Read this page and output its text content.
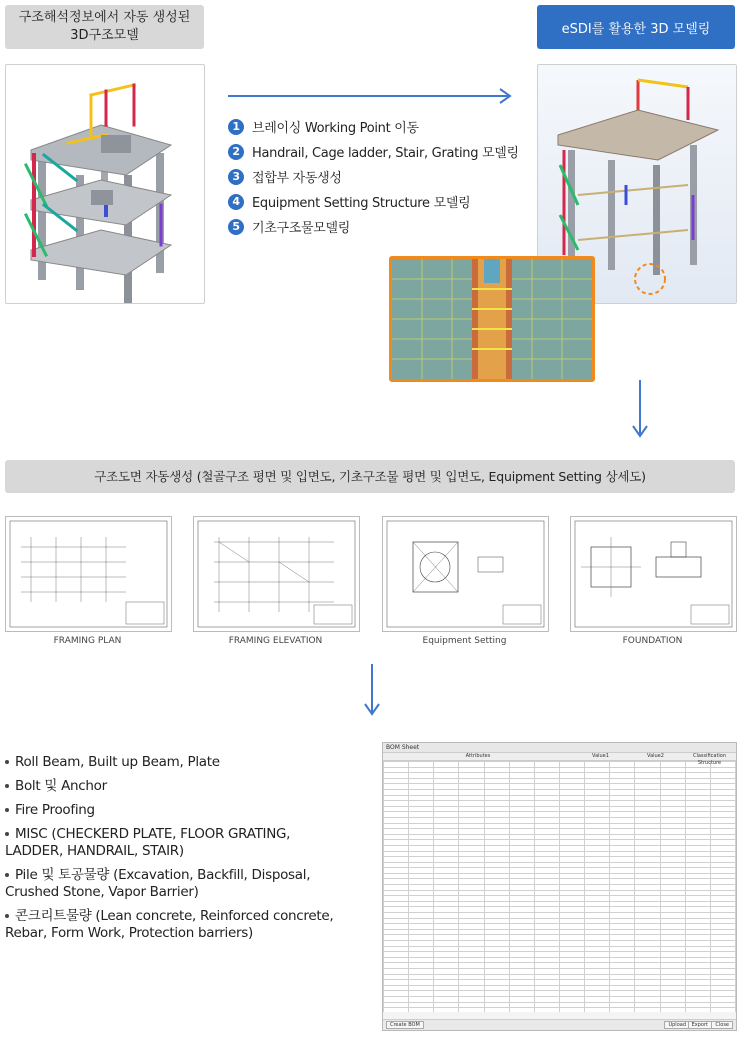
구조해석정보에서 자동 생성된
3D구조모델
1 브레이싱 Working Point 이동
2 Handrail, Cage ladder, Stair, Grating 모델링
3 접합부 자동생성
4 Equipment Setting Structure 모델링
5 기초구조물모델링
eSDI를 활용한 3D 모델링
구조도면 자동생성 (철골구조 평면 및 입면도, 기초구조물 평면 및 입면도, Equipment Setting 상세도)
FRAMING PLAN	FRAMING ELEVATION	Equipment Setting	FOUNDATION
Roll Beam, Built up Beam, Plate
Bolt 및 Anchor
Fire Proofing
MISC (CHECKERD PLATE, FLOOR GRATING, LADDER, HANDRAIL, STAIR)
Pile 및 토공물량 (Excavation, Backfill, Disposal, Crushed Stone, Vapor Barrier)
콘크리트물량 (Lean concrete, Reinforced concrete, Rebar, Form Work, Protection barriers)
BOM Sheet
Attributes	Value1	Value2	Classification Structure

Create BOM	Upload	Export	Close
